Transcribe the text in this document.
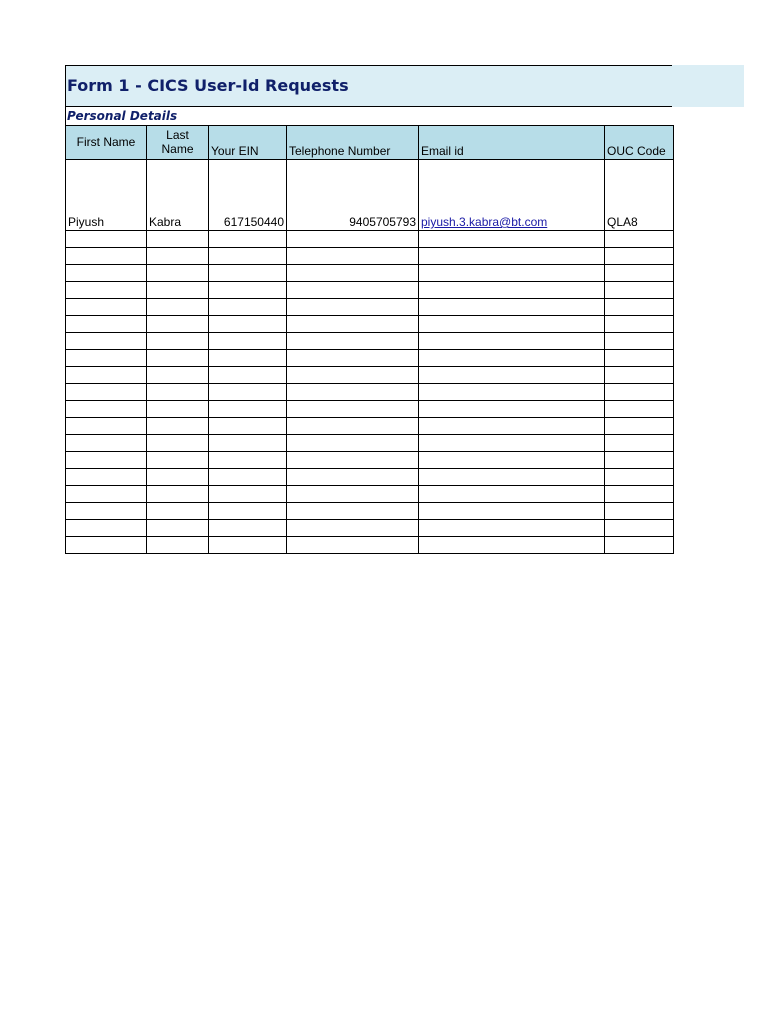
Form 1 - CICS User-Id Requests
Personal Details
First Name	Last Name	Your EIN	Telephone Number	Email id	OUC Code
Piyush	Kabra	617150440	9405705793	piyush.3.kabra@bt.com	QLA8
